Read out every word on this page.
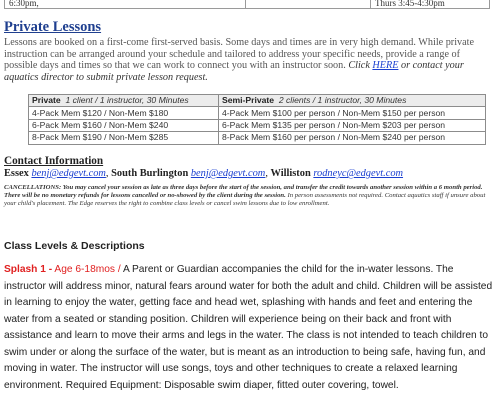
6:30pm,	Thurs 3:45-4:30pm
Private Lessons

Lessons are booked on a first-come first-served basis. Some days and times are in very high demand. While private instruction can be arranged around your schedule and tailored to address your specific needs, provide a range of possible days and times so that we can work to connect you with an instructor soon. Click HERE or contact your aquatics director to submit private lesson request.

Private 1 client / 1 instructor, 30 Minutes	Semi-Private 2 clients / 1 instructor, 30 Minutes
4-Pack Mem $120 / Non-Mem $180	4-Pack Mem $100 per person / Non-Mem $150 per person
6-Pack Mem $160 / Non-Mem $240	6-Pack Mem $135 per person / Non-Mem $203 per person
8-Pack Mem $190 / Non-Mem $285	8-Pack Mem $160 per person / Non-Mem $240 per person
Contact Information

Essex benj@edgevt.com, South Burlington benj@edgevt.com, Williston rodneyc@edgevt.com

CANCELLATIONS: You may cancel your session as late as three days before the start of the session, and transfer the credit towards another session within a 6 month period. There will be no monetary refunds for lessons cancelled or no-showed by the client during the session. In person assessments not required. Contact aquatics staff if unsure about your child's placement. The Edge reserves the right to combine class levels or cancel swim lessons due to low enrollment.

Class Levels & Descriptions

Splash 1 - Age 6-18mos / A Parent or Guardian accompanies the child for the in-water lessons. The instructor will address minor, natural fears around water for both the adult and child. Children will be assisted in learning to enjoy the water, getting face and head wet, splashing with hands and feet and entering the water from a seated or standing position. Children will experience being on their back and front with assistance and learn to move their arms and legs in the water. The class is not intended to teach children to swim under or along the surface of the water, but is meant as an introduction to being safe, having fun, and moving in water. The instructor will use songs, toys and other techniques to create a relaxed learning environment. Required Equipment: Disposable swim diaper, fitted outer covering, towel.
